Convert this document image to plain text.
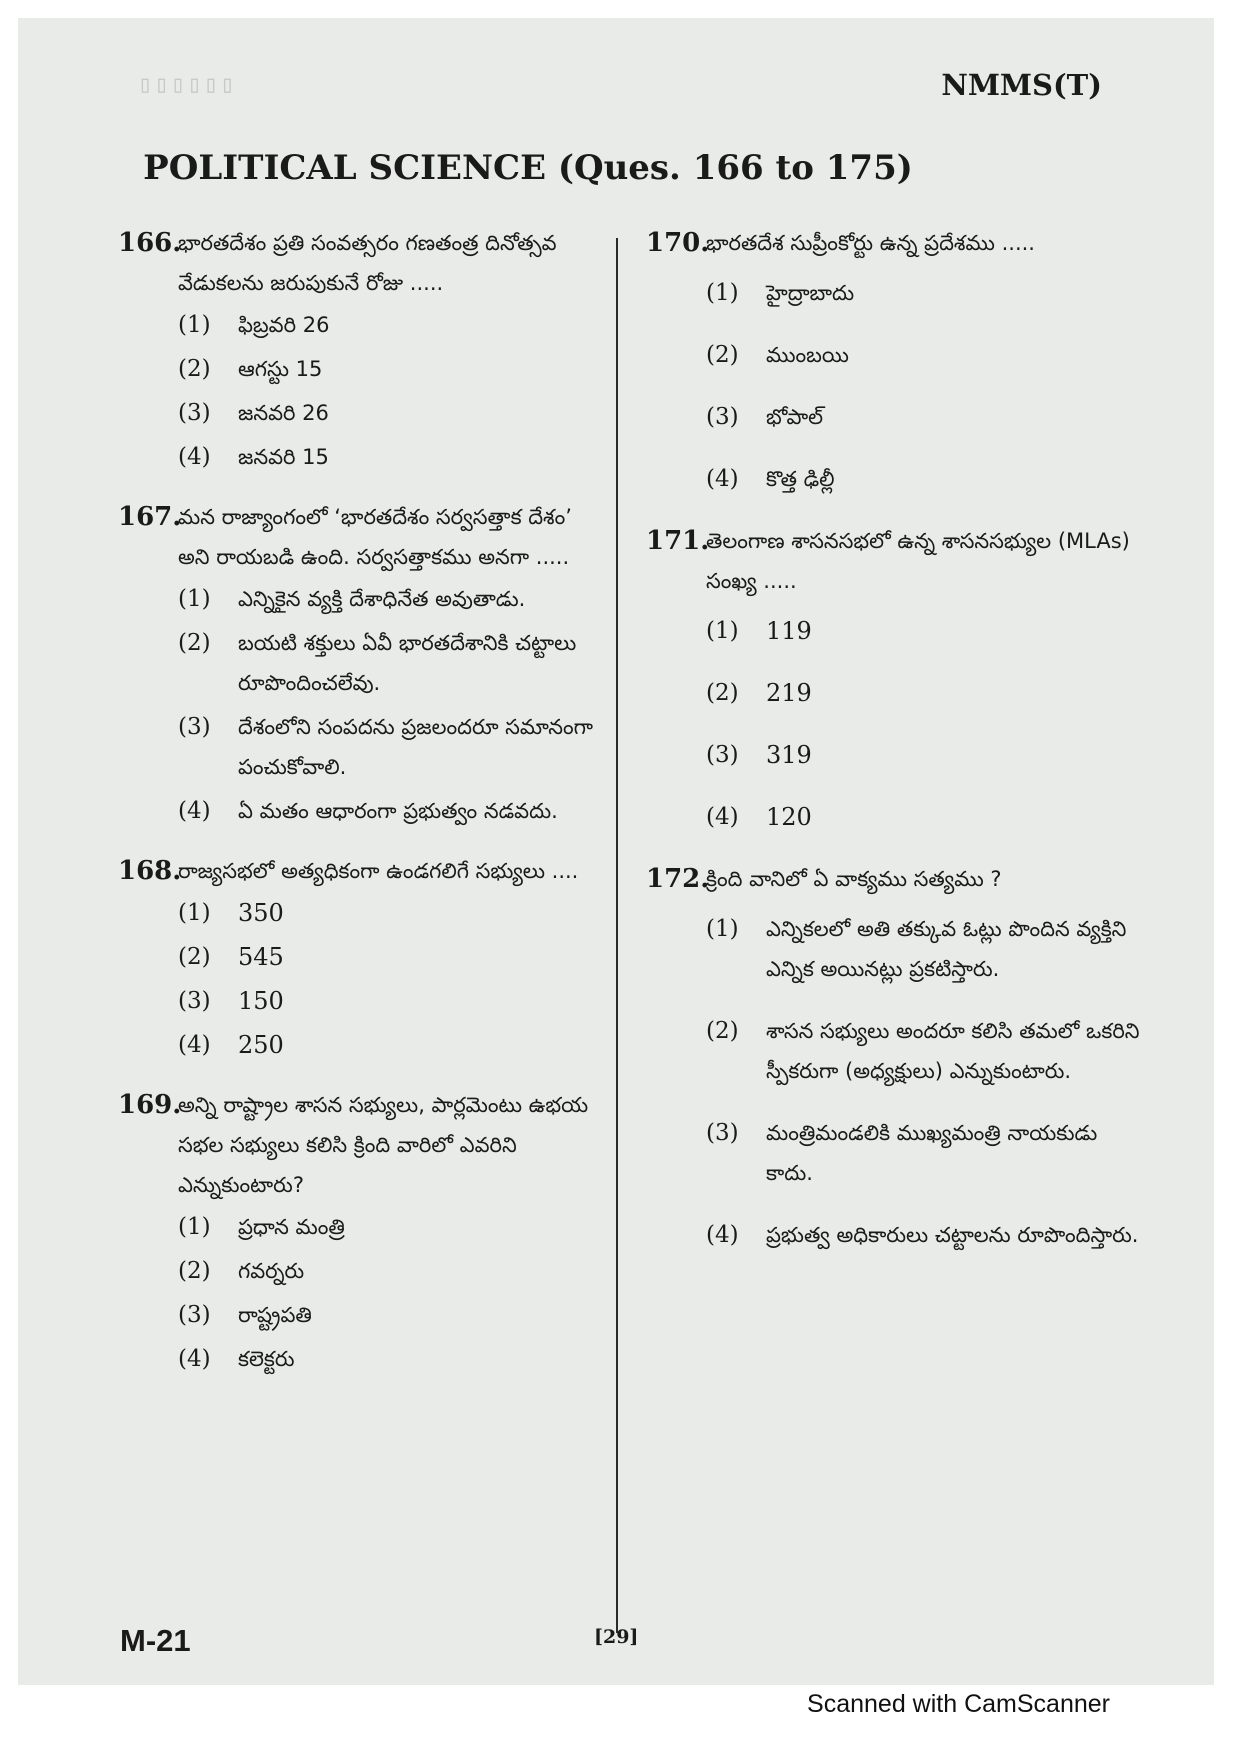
▯▯▯▯▯▯	NMMS(T)
POLITICAL SCIENCE (Ques. 166 to 175)
166.
భారతదేశం ప్రతి సంవత్సరం గణతంత్ర దినోత్సవ వేడుకలను జరుపుకునే రోజు .....
(1)	ఫిబ్రవరి 26
(2)	ఆగస్టు 15
(3)	జనవరి 26
(4)	జనవరి 15
167.
మన రాజ్యాంగంలో ‘భారతదేశం సర్వసత్తాక దేశం’ అని రాయబడి ఉంది. సర్వసత్తాకము అనగా .....
(1)	ఎన్నికైన వ్యక్తి దేశాధినేత అవుతాడు.
(2)	బయటి శక్తులు ఏవీ భారతదేశానికి చట్టాలు రూపొందించలేవు.
(3)	దేశంలోని సంపదను ప్రజలందరూ సమానంగా పంచుకోవాలి.
(4)	ఏ మతం ఆధారంగా ప్రభుత్వం నడవదు.
168.
రాజ్యసభలో అత్యధికంగా ఉండగలిగే సభ్యులు ....
(1)	350
(2)	545
(3)	150
(4)	250
169.
అన్ని రాష్ట్రాల శాసన సభ్యులు, పార్లమెంటు ఉభయ సభల సభ్యులు కలిసి క్రింది వారిలో ఎవరిని ఎన్నుకుంటారు?
(1)	ప్రధాన మంత్రి
(2)	గవర్నరు
(3)	రాష్ట్రపతి
(4)	కలెక్టరు
170.
భారతదేశ సుప్రీంకోర్టు ఉన్న ప్రదేశము .....
(1)	హైద్రాబాదు
(2)	ముంబయి
(3)	భోపాల్
(4)	కొత్త ఢిల్లీ
171.
తెలంగాణ శాసనసభలో ఉన్న శాసనసభ్యుల (MLAs) సంఖ్య .....
(1)	119
(2)	219
(3)	319
(4)	120
172.
క్రింది వానిలో ఏ వాక్యము సత్యము ?
(1)	ఎన్నికలలో అతి తక్కువ ఓట్లు పొందిన వ్యక్తిని ఎన్నిక అయినట్లు ప్రకటిస్తారు.
(2)	శాసన సభ్యులు అందరూ కలిసి తమలో ఒకరిని స్పీకరుగా (అధ్యక్షులు) ఎన్నుకుంటారు.
(3)	మంత్రిమండలికి ముఖ్యమంత్రి నాయకుడు కాదు.
(4)	ప్రభుత్వ అధికారులు చట్టాలను రూపొందిస్తారు.
M-21	[29]
Scanned with CamScanner
